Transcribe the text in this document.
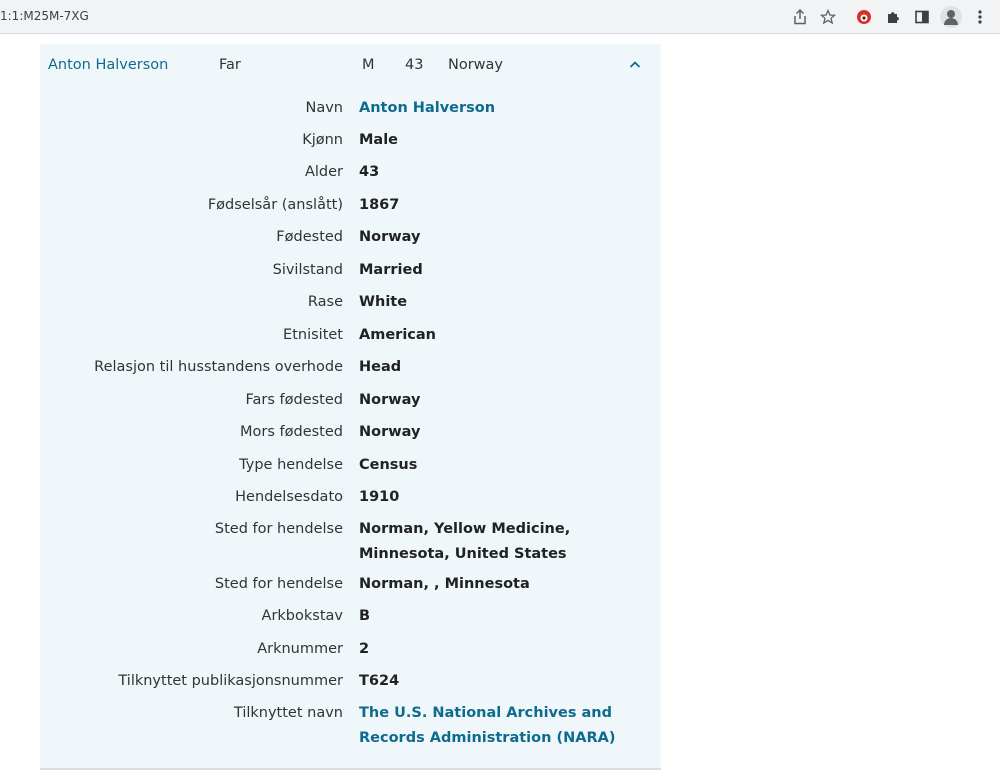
1:1:M25M-7XG
Anton Halverson	Far	M 43 Norway
Navn Anton Halverson
Kjønn Male
Alder 43
Fødselsår (anslått) 1867
Fødested Norway
Sivilstand Married
Rase White
Etnisitet American
Relasjon til husstandens overhode Head
Fars fødested Norway
Mors fødested Norway
Type hendelse Census
Hendelsesdato 1910
Sted for hendelse Norman, Yellow Medicine,
Minnesota, United States
Sted for hendelse Norman, , Minnesota
Arkbokstav B
Arknummer 2
Tilknyttet publikasjonsnummer T624
Tilknyttet navn The U.S. National Archives and
Records Administration (NARA)
